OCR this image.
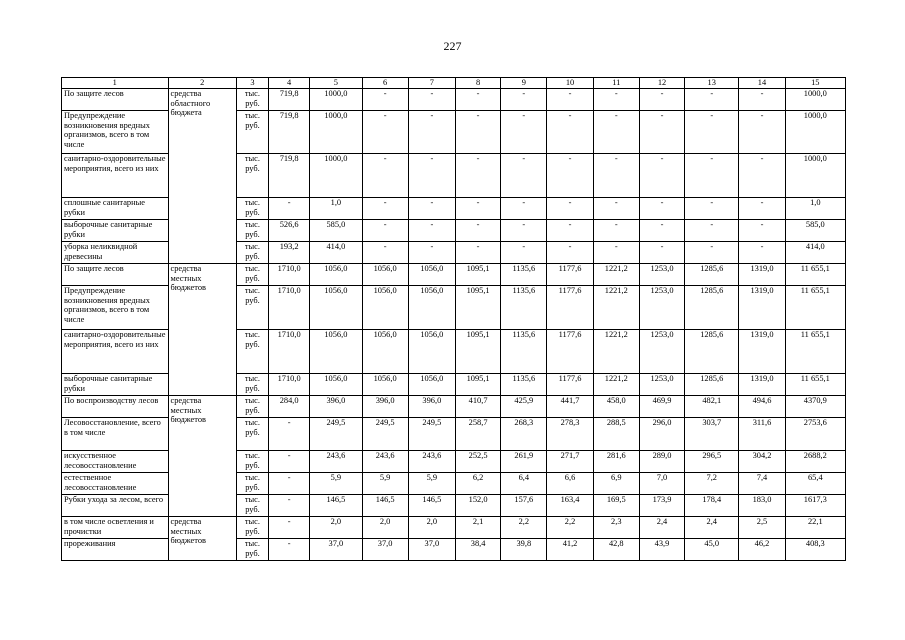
227
1	2	3	4	5	6	7	8	9	10	11	12	13	14	15
По защите лесов	средства областного бюджета	тыс. руб.	719,8	1000,0	-	-	-	-	-	-	-	-	-	1000,0
Предупреждение возникновения вредных организмов, всего в том числе		тыс. руб.	719,8	1000,0	-	-	-	-	-	-	-	-	-	1000,0
санитарно-оздоровительные мероприятия, всего из них		тыс. руб.	719,8	1000,0	-	-	-	-	-	-	-	-	-	1000,0
сплошные санитарные рубки		тыс. руб.	-	1,0	-	-	-	-	-	-	-	-	-	1,0
выборочные санитарные рубки		тыс. руб.	526,6	585,0	-	-	-	-	-	-	-	-	-	585,0
уборка неликвидной древесины		тыс. руб.	193,2	414,0	-	-	-	-	-	-	-	-	-	414,0
По защите лесов	средства местных бюджетов	тыс. руб.	1710,0	1056,0	1056,0	1056,0	1095,1	1135,6	1177,6	1221,2	1253,0	1285,6	1319,0	11 655,1
Предупреждение возникновения вредных организмов, всего в том числе		тыс. руб.	1710,0	1056,0	1056,0	1056,0	1095,1	1135,6	1177,6	1221,2	1253,0	1285,6	1319,0	11 655,1
санитарно-оздоровительные мероприятия, всего из них		тыс. руб.	1710,0	1056,0	1056,0	1056,0	1095,1	1135,6	1177,6	1221,2	1253,0	1285,6	1319,0	11 655,1
выборочные санитарные рубки		тыс. руб.	1710,0	1056,0	1056,0	1056,0	1095,1	1135,6	1177,6	1221,2	1253,0	1285,6	1319,0	11 655,1
По воспроизводству лесов	средства местных бюджетов	тыс. руб.	284,0	396,0	396,0	396,0	410,7	425,9	441,7	458,0	469,9	482,1	494,6	4370,9
Лесовосстановление, всего в том числе		тыс. руб.	-	249,5	249,5	249,5	258,7	268,3	278,3	288,5	296,0	303,7	311,6	2753,6
искусственное лесовосстановление		тыс. руб.	-	243,6	243,6	243,6	252,5	261,9	271,7	281,6	289,0	296,5	304,2	2688,2
естественное лесовосстановление		тыс. руб.	-	5,9	5,9	5,9	6,2	6,4	6,6	6,9	7,0	7,2	7,4	65,4
Рубки ухода за лесом, всего		тыс. руб.	-	146,5	146,5	146,5	152,0	157,6	163,4	169,5	173,9	178,4	183,0	1617,3
в том числе осветления и прочистки	средства местных бюджетов	тыс. руб.	-	2,0	2,0	2,0	2,1	2,2	2,2	2,3	2,4	2,4	2,5	22,1
прореживания		тыс. руб.	-	37,0	37,0	37,0	38,4	39,8	41,2	42,8	43,9	45,0	46,2	408,3
